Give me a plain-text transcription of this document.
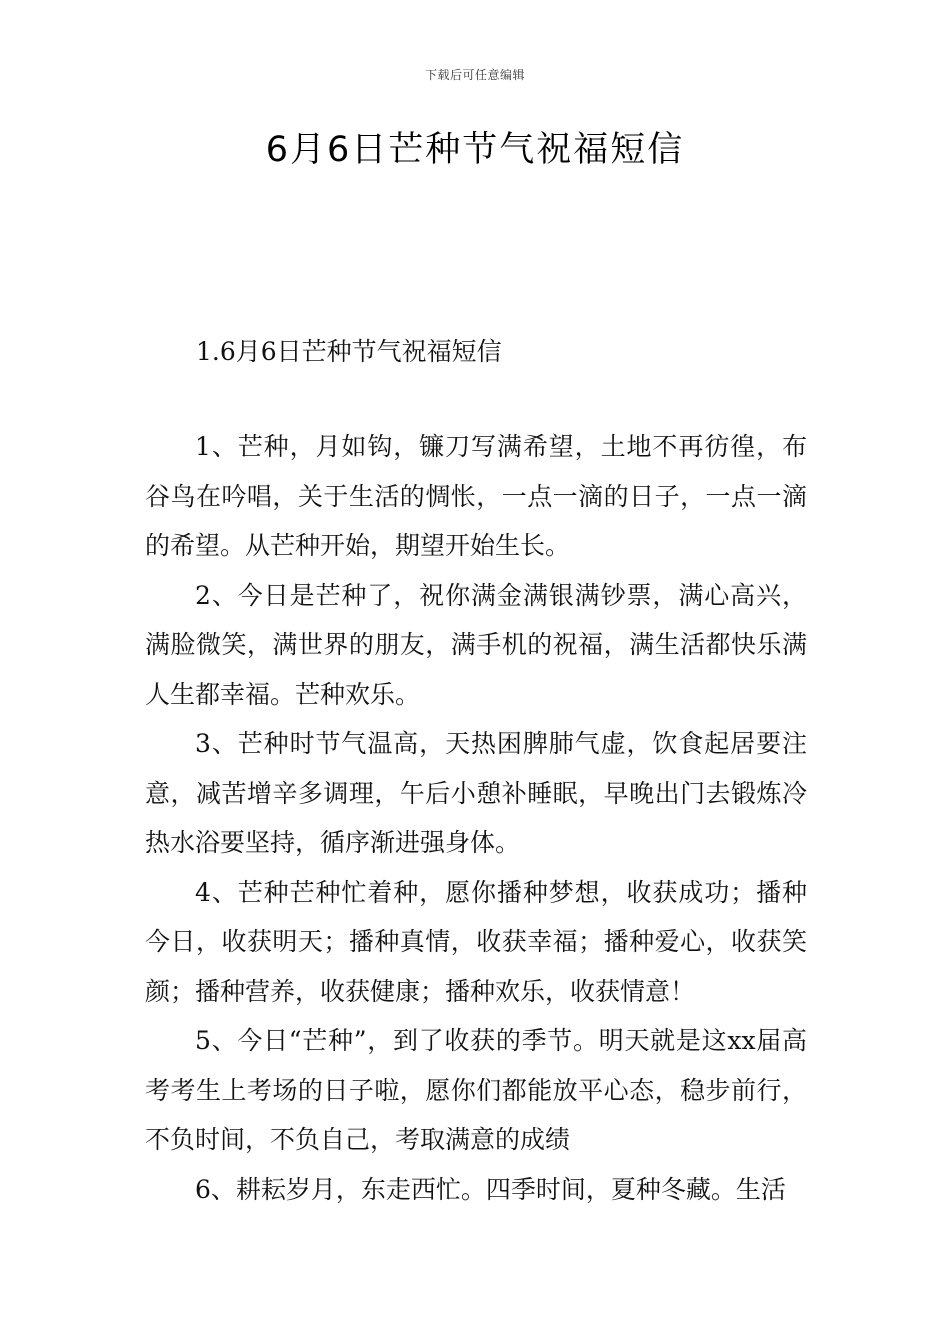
下载后可任意编辑
6月6日芒种节气祝福短信
1.6月6日芒种节气祝福短信

1、芒种，月如钩，镰刀写满希望，土地不再彷徨，布谷鸟在吟唱，关于生活的惆怅，一点一滴的日子，一点一滴的希望。从芒种开始，期望开始生长。

2、今日是芒种了，祝你满金满银满钞票，满心高兴，满脸微笑，满世界的朋友，满手机的祝福，满生活都快乐满人生都幸福。芒种欢乐。

3、芒种时节气温高，天热困脾肺气虚，饮食起居要注意，减苦增辛多调理，午后小憩补睡眠，早晚出门去锻炼冷热水浴要坚持，循序渐进强身体。

4、芒种芒种忙着种，愿你播种梦想，收获成功；播种今日，收获明天；播种真情，收获幸福；播种爱心，收获笑颜；播种营养，收获健康；播种欢乐，收获情意！

5、今日“芒种”，到了收获的季节。明天就是这xx届高考考生上考场的日子啦，愿你们都能放平心态，稳步前行，不负时间，不负自己，考取满意的成绩

6、耕耘岁月，东走西忙。四季时间，夏种冬藏。生活
